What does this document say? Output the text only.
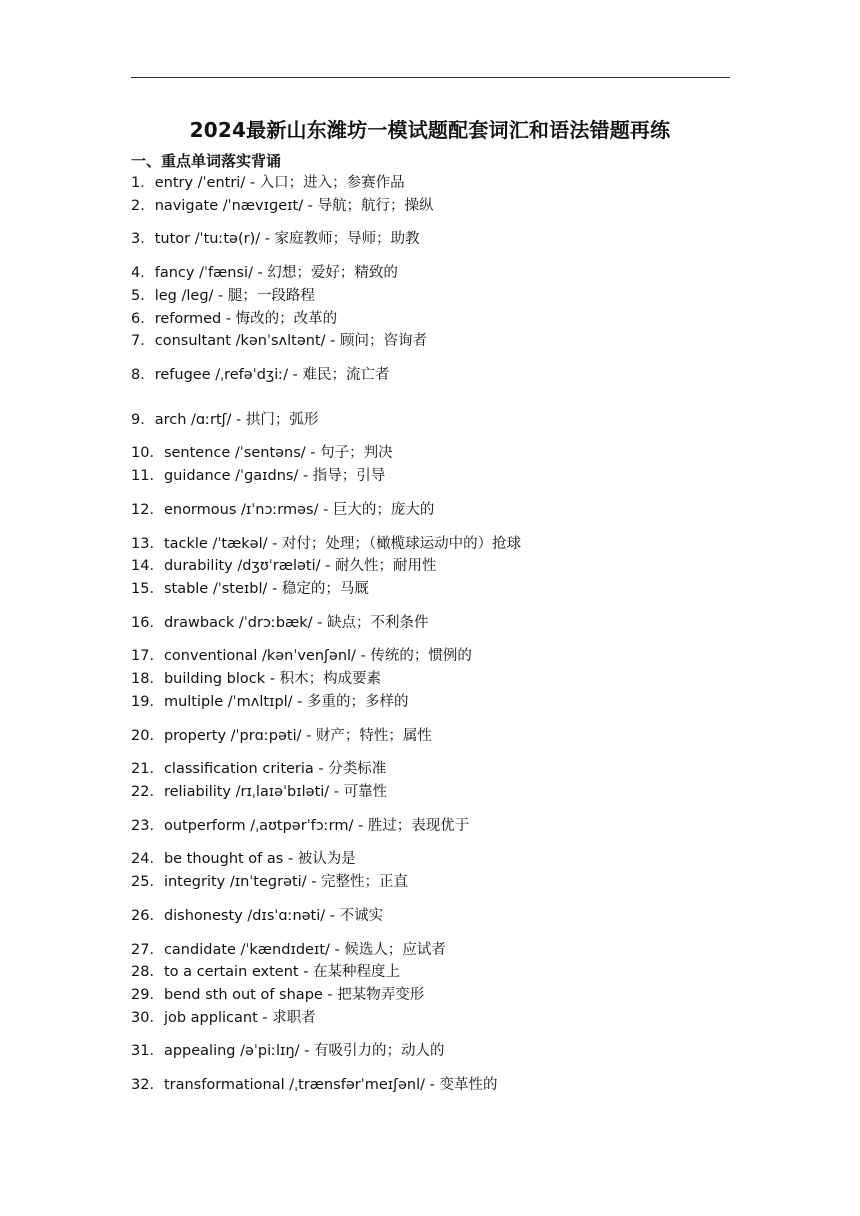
2024最新山东潍坊一模试题配套词汇和语法错题再练
一、重点单词落实背诵
1．entry /ˈentri/ - 入口；进入；参赛作品
2．navigate /ˈnævɪɡeɪt/ - 导航；航行；操纵
3．tutor /ˈtuːtə(r)/ - 家庭教师；导师；助教
4．fancy /ˈfænsi/ - 幻想；爱好；精致的
5．leg /leɡ/ - 腿；一段路程
6．reformed - 悔改的；改革的
7．consultant /kənˈsʌltənt/ - 顾问；咨询者
8．refugee /ˌrefəˈdʒiː/ - 难民；流亡者
9．arch /ɑːrtʃ/ - 拱门；弧形
10．sentence /ˈsentəns/ - 句子；判决
11．guidance /ˈɡaɪdns/ - 指导；引导
12．enormous /ɪˈnɔːrməs/ - 巨大的；庞大的
13．tackle /ˈtækəl/ - 对付；处理；（橄榄球运动中的）抢球
14．durability /dʒʊˈræləti/ - 耐久性；耐用性
15．stable /ˈsteɪbl/ - 稳定的；马厩
16．drawback /ˈdrɔːbæk/ - 缺点；不利条件
17．conventional /kənˈvenʃənl/ - 传统的；惯例的
18．building block - 积木；构成要素
19．multiple /ˈmʌltɪpl/ - 多重的；多样的
20．property /ˈprɑːpəti/ - 财产；特性；属性
21．classification criteria - 分类标准
22．reliability /rɪˌlaɪəˈbɪləti/ - 可靠性
23．outperform /ˌaʊtpərˈfɔːrm/ - 胜过；表现优于
24．be thought of as - 被认为是
25．integrity /ɪnˈteɡrəti/ - 完整性；正直
26．dishonesty /dɪsˈɑːnəti/ - 不诚实
27．candidate /ˈkændɪdeɪt/ - 候选人；应试者
28．to a certain extent - 在某种程度上
29．bend sth out of shape - 把某物弄变形
30．job applicant - 求职者
31．appealing /əˈpiːlɪŋ/ - 有吸引力的；动人的
32．transformational /ˌtrænsfərˈmeɪʃənl/ - 变革性的
